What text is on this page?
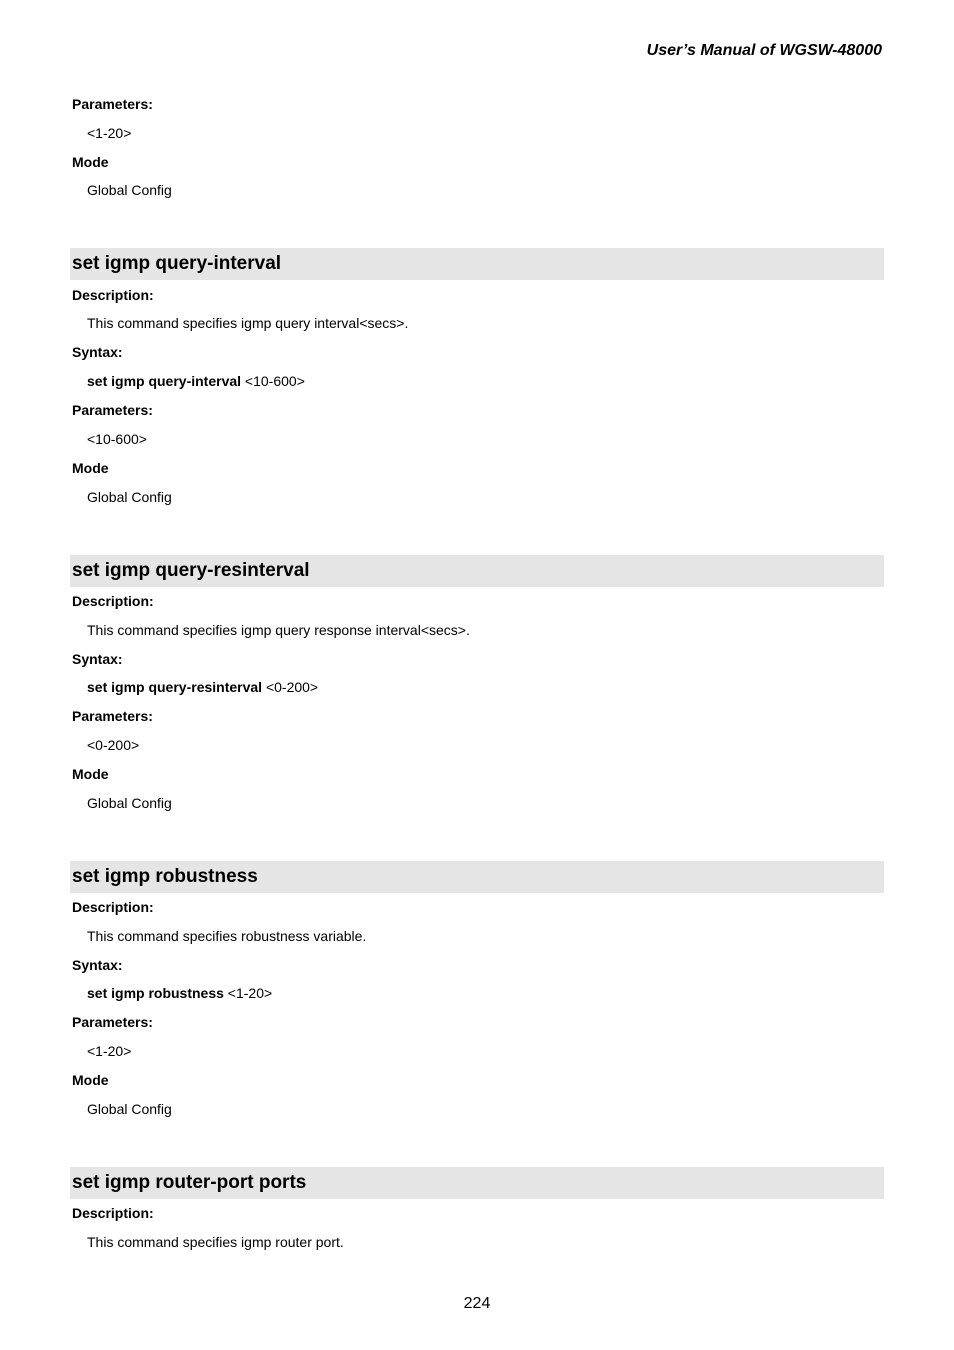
User’s Manual of WGSW-48000
Parameters:
<1-20>
Mode
Global Config
set igmp query-interval
Description:
This command specifies igmp query interval<secs>.
Syntax:
set igmp query-interval <10-600>
Parameters:
<10-600>
Mode
Global Config
set igmp query-resinterval
Description:
This command specifies igmp query response interval<secs>.
Syntax:
set igmp query-resinterval <0-200>
Parameters:
<0-200>
Mode
Global Config
set igmp robustness
Description:
This command specifies robustness variable.
Syntax:
set igmp robustness <1-20>
Parameters:
<1-20>
Mode
Global Config
set igmp router-port ports
Description:
This command specifies igmp router port.
224
